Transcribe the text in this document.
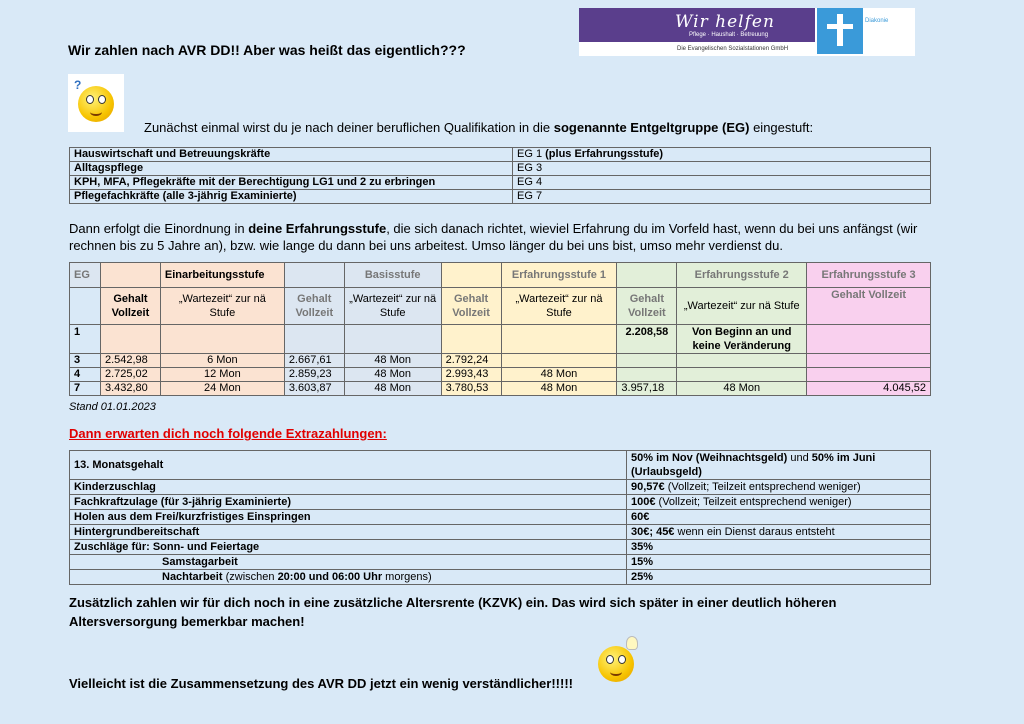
Wir helfen
Pflege · Haushalt · Betreuung
Die Evangelischen Sozialstationen GmbH
Diakonie
Wir zahlen nach AVR DD!! Aber was heißt das eigentlich???
?
Zunächst einmal wirst du je nach deiner beruflichen Qualifikation in die sogenannte Entgeltgruppe (EG) eingestuft:
Hauswirtschaft und Betreuungskräfte	EG 1 (plus Erfahrungsstufe)
Alltagspflege	EG 3
KPH, MFA, Pflegekräfte mit der Berechtigung LG1 und 2 zu erbringen	EG 4
Pflegefachkräfte (alle 3-jährig Examinierte)	EG 7
Dann erfolgt die Einordnung in deine Erfahrungsstufe, die sich danach richtet, wieviel Erfahrung du im Vorfeld hast, wenn du bei uns anfängst (wir rechnen bis zu 5 Jahre an), bzw. wie lange du dann bei uns arbeitest. Umso länger du bei uns bist, umso mehr verdienst du.
EG		Einarbeitungsstufe		Basisstufe		Erfahrungsstufe 1		Erfahrungsstufe 2	Erfahrungsstufe 3
	Gehalt Vollzeit	„Wartezeit“ zur nä Stufe	Gehalt Vollzeit	„Wartezeit“ zur nä Stufe	Gehalt Vollzeit	„Wartezeit“ zur nä Stufe	Gehalt Vollzeit	„Wartezeit“ zur nä Stufe	Gehalt Vollzeit
1							2.208,58	Von Beginn an und keine Veränderung	
3	2.542,98	6 Mon	2.667,61	48 Mon	2.792,24				
4	2.725,02	12 Mon	2.859,23	48 Mon	2.993,43	48 Mon			
7	3.432,80	24 Mon	3.603,87	48 Mon	3.780,53	48 Mon	3.957,18	48 Mon	4.045,52
Stand 01.01.2023
Dann erwarten dich noch folgende Extrazahlungen:
13. Monatsgehalt	50% im Nov (Weihnachtsgeld) und 50% im Juni (Urlaubsgeld)
Kinderzuschlag	90,57€ (Vollzeit; Teilzeit entsprechend weniger)
Fachkraftzulage (für 3-jährig Examinierte)	100€ (Vollzeit; Teilzeit entsprechend weniger)
Holen aus dem Frei/kurzfristiges Einspringen	60€
Hintergrundbereitschaft	30€; 45€ wenn ein Dienst daraus entsteht
Zuschläge für: Sonn- und Feiertage	35%
Samstagarbeit	15%
Nachtarbeit (zwischen 20:00 und 06:00 Uhr morgens)	25%
Zusätzlich zahlen wir für dich noch in eine zusätzliche Altersrente (KZVK) ein. Das wird sich später in einer deutlich höheren Altersversorgung bemerkbar machen!
Vielleicht ist die Zusammensetzung des AVR DD jetzt ein wenig verständlicher!!!!!
